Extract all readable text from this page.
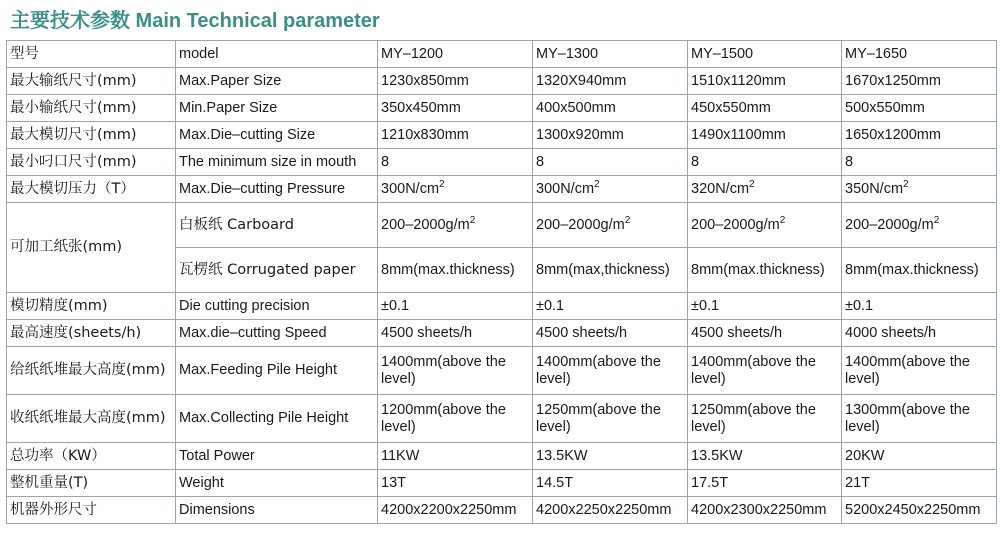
主要技术参数 Main Technical parameter
型号	model	MY–1200	MY–1300	MY–1500	MY–1650
最大输纸尺寸(mm)	Max.Paper Size	1230x850mm	1320X940mm	1510x1120mm	1670x1250mm
最小输纸尺寸(mm)	Min.Paper Size	350x450mm	400x500mm	450x550mm	500x550mm
最大模切尺寸(mm)	Max.Die–cutting Size	1210x830mm	1300x920mm	1490x1100mm	1650x1200mm
最小叼口尺寸(mm)	The minimum size in mouth	8	8	8	8
最大模切压力（T）	Max.Die–cutting Pressure	$300N/cm^2$	$300N/cm^2$	$320N/cm^2$	$350N/cm^2$
可加工纸张(mm)	白板纸 Carboard	$200-2000g/m^2$	$200-2000g/m^2$	$200-2000g/m^2$	$200-2000g/m^2$
	瓦楞纸 Corrugated paper	8mm(max.thickness)	8mm(max,thickness)	8mm(max.thickness)	8mm(max.thickness)
模切精度(mm)	Die cutting precision	±0.1	±0.1	±0.1	±0.1
最高速度(sheets/h)	Max.die–cutting Speed	4500 sheets/h	4500 sheets/h	4500 sheets/h	4000 sheets/h
给纸纸堆最大高度(mm)	Max.Feeding Pile Height	1400mm(above the level)	1400mm(above the level)	1400mm(above the level)	1400mm(above the level)
收纸纸堆最大高度(mm)	Max.Collecting Pile Height	1200mm(above the level)	1250mm(above the level)	1250mm(above the level)	1300mm(above the level)
总功率（KW）	Total Power	11KW	13.5KW	13.5KW	20KW
整机重量(T)	Weight	13T	14.5T	17.5T	21T
机器外形尺寸	Dimensions	4200x2200x2250mm	4200x2250x2250mm	4200x2300x2250mm	5200x2450x2250mm
